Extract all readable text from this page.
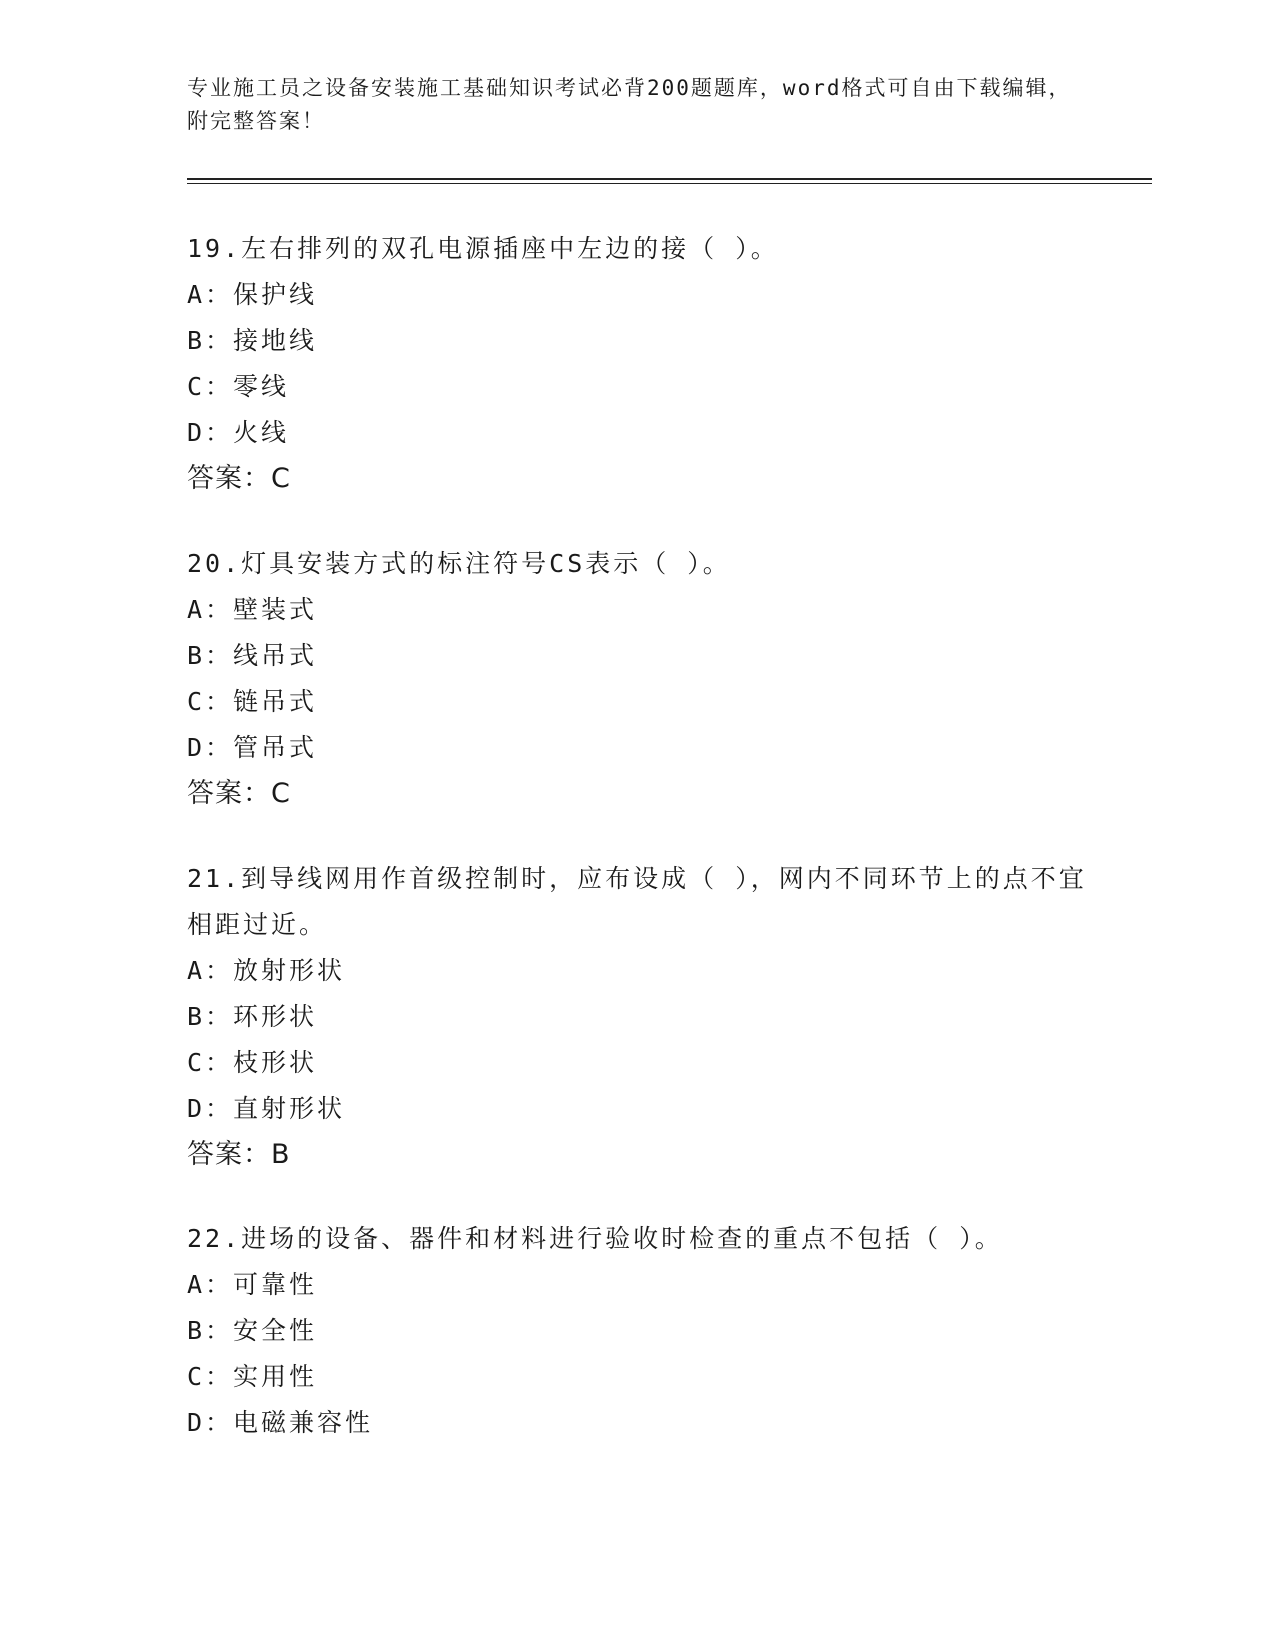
专业施工员之设备安装施工基础知识考试必背200题题库，word格式可自由下载编辑，附完整答案！
19.左右排列的双孔电源插座中左边的接（ ）。
A：保护线
B：接地线
C：零线
D：火线
答案：C
20.灯具安装方式的标注符号CS表示（ ）。
A：壁装式
B：线吊式
C：链吊式
D：管吊式
答案：C
21.到导线网用作首级控制时，应布设成（ ），网内不同环节上的点不宜相距过近。
A：放射形状
B：环形状
C：枝形状
D：直射形状
答案：B
22.进场的设备、器件和材料进行验收时检查的重点不包括（ ）。
A：可靠性
B：安全性
C：实用性
D：电磁兼容性
